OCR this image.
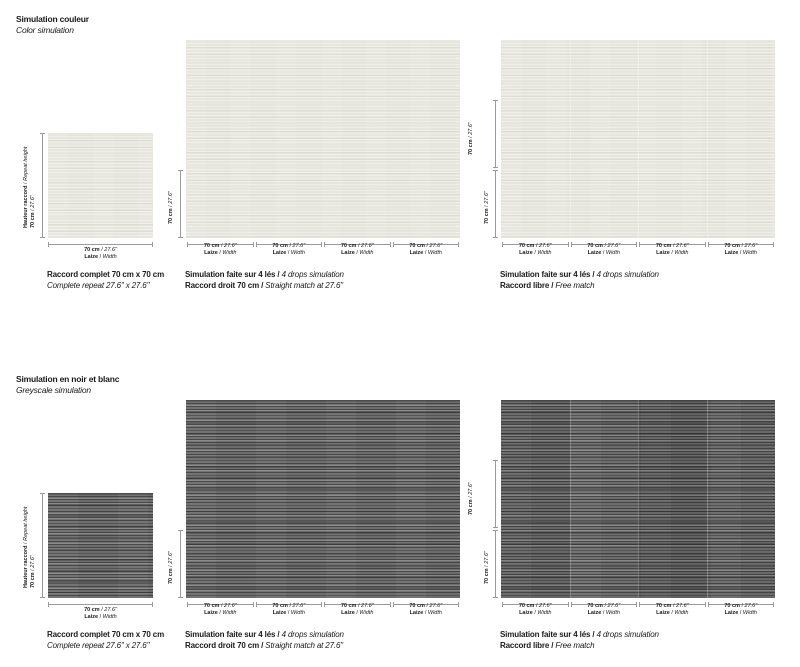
Simulation couleur
Color simulation
Hauteur raccord / Repeat height
70 cm / 27.6"
70 cm / 27.6"
Laize / Width
Raccord complet 70 cm x 70 cm
Complete repeat 27.6" x 27.6"
70 cm / 27.6"
70 cm / 27.6"
Laize / Width
70 cm / 27.6"
Laize / Width
70 cm / 27.6"
Laize / Width
70 cm / 27.6"
Laize / Width
Simulation faite sur 4 lés / 4 drops simulation
Raccord droit 70 cm / Straight match at 27.6"
70 cm / 27.6"
70 cm / 27.6"
70 cm / 27.6"
Laize / Width
70 cm / 27.6"
Laize / Width
70 cm / 27.6"
Laize / Width
70 cm / 27.6"
Laize / Width
Simulation faite sur 4 lés / 4 drops simulation
Raccord libre / Free match
Simulation en noir et blanc
Greyscale simulation
Hauteur raccord / Repeat height
70 cm / 27.6"
70 cm / 27.6"
Laize / Width
Raccord complet 70 cm x 70 cm
Complete repeat 27.6" x 27.6"
70 cm / 27.6"
70 cm / 27.6"
Laize / Width
70 cm / 27.6"
Laize / Width
70 cm / 27.6"
Laize / Width
70 cm / 27.6"
Laize / Width
Simulation faite sur 4 lés / 4 drops simulation
Raccord droit 70 cm / Straight match at 27.6"
70 cm / 27.6"
70 cm / 27.6"
70 cm / 27.6"
Laize / Width
70 cm / 27.6"
Laize / Width
70 cm / 27.6"
Laize / Width
70 cm / 27.6"
Laize / Width
Simulation faite sur 4 lés / 4 drops simulation
Raccord libre / Free match
